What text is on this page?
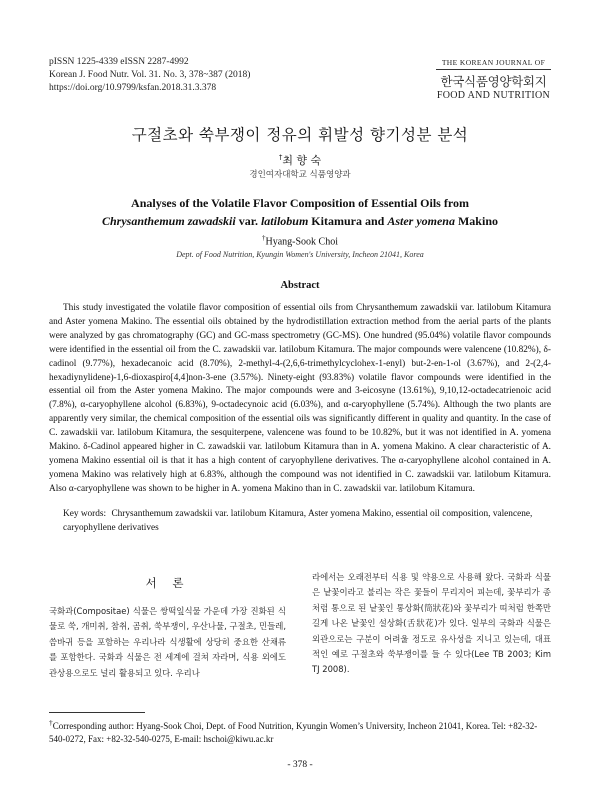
pISSN 1225-4339 eISSN 2287-4992
Korean J. Food Nutr. Vol. 31. No. 3, 378~387 (2018)
https://doi.org/10.9799/ksfan.2018.31.3.378
THE KOREAN JOURNAL OF
한국식품영양학회지
FOOD AND NUTRITION
구절초와 쑥부쟁이 정유의 휘발성 향기성분 분석
†최 향 숙
경인여자대학교 식품영양과
Analyses of the Volatile Flavor Composition of Essential Oils from
Chrysanthemum zawadskii var. latilobum Kitamura and Aster yomena Makino
†Hyang-Sook Choi
Dept. of Food Nutrition, Kyungin Women's University, Incheon 21041, Korea
Abstract
This study investigated the volatile flavor composition of essential oils from Chrysanthemum zawadskii var. latilobum Kitamura and Aster yomena Makino. The essential oils obtained by the hydrodistillation extraction method from the aerial parts of the plants were analyzed by gas chromatography (GC) and GC-mass spectrometry (GC-MS). One hundred (95.04%) volatile flavor compounds were identified in the essential oil from the C. zawadskii var. latilobum Kitamura. The major compounds were valencene (10.82%), δ-cadinol (9.77%), hexadecanoic acid (8.70%), 2-methyl-4-(2,6,6-trimethylcyclohex-1-enyl) but-2-en-1-ol (3.67%), and 2-(2,4-hexadiynylidene)-1,6-dioxaspiro[4,4]non-3-ene (3.57%). Ninety-eight (93.83%) volatile flavor compounds were identified in the essential oil from the Aster yomena Makino. The major compounds were and 3-eicosyne (13.61%), 9,10,12-octadecatrienoic acid (7.8%), α-caryophyllene alcohol (6.83%), 9-octadecynoic acid (6.03%), and α-caryophyllene (5.74%). Although the two plants are apparently very similar, the chemical composition of the essential oils was significantly different in quality and quantity. In the case of C. zawadskii var. latilobum Kitamura, the sesquiterpene, valencene was found to be 10.82%, but it was not identified in A. yomena Makino. δ-Cadinol appeared higher in C. zawadskii var. latilobum Kitamura than in A. yomena Makino. A clear characteristic of A. yomena Makino essential oil is that it has a high content of caryophyllene derivatives. The α-caryophyllene alcohol contained in A. yomena Makino was relatively high at 6.83%, although the compound was not identified in C. zawadskii var. latilobum Kitamura. Also α-caryophyllene was shown to be higher in A. yomena Makino than in C. zawadskii var. latilobum Kitamura.
Key words: Chrysanthemum zawadskii var. latilobum Kitamura, Aster yomena Makino, essential oil composition, valencene, caryophyllene derivatives
서 론
국화과(Compositae) 식물은 쌍떡잎식물 가운데 가장 진화된 식물로 쑥, 개미취, 참취, 곰취, 쑥부쟁이, 우산나물, 구절초, 민들레, 씀바귀 등을 포함하는 우리나라 식생활에 상당히 중요한 산채류를 포함한다. 국화과 식물은 전 세계에 걸쳐 자라며, 식용 외에도 관상용으로도 널리 활용되고 있다. 우리나
라에서는 오래전부터 식용 및 약용으로 사용해 왔다. 국화과 식물은 낱꽃이라고 불리는 작은 꽃들이 무리지어 피는데, 꽃부리가 종처럼 통으로 된 낱꽃인 통상화(筒狀花)와 꽃부리가 띠처럼 한쪽만 길게 나온 낱꽃인 설상화(舌狀花)가 있다. 일부의 국화과 식물은 외관으로는 구분이 어려울 정도로 유사성을 지니고 있는데, 대표적인 예로 구절초와 쑥부쟁이를 들 수 있다(Lee TB 2003; Kim TJ 2008).
†Corresponding author: Hyang-Sook Choi, Dept. of Food Nutrition, Kyungin Women’s University, Incheon 21041, Korea. Tel: +82-32-540-0272, Fax: +82-32-540-0275, E-mail: hschoi@kiwu.ac.kr
- 378 -
